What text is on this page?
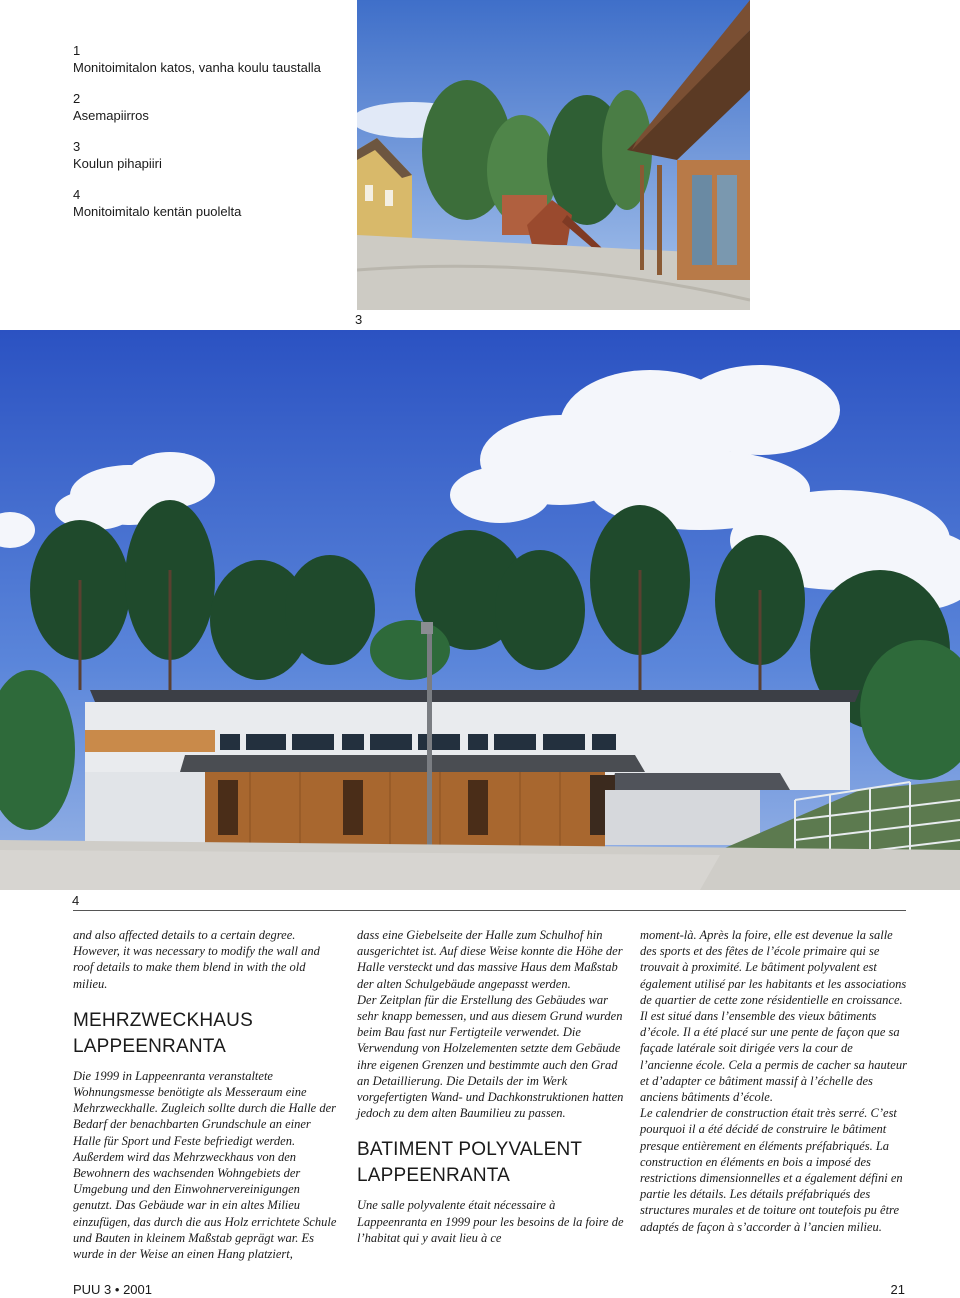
1
Monitoimitalon katos, vanha koulu taustalla
2
Asemapiirros
3
Koulun pihapiiri
4
Monitoimitalo kentän puolelta
3
4

and also affected details to a certain degree. However, it was necessary to modify the wall and roof details to make them blend in with the old milieu.

MEHRZWECKHAUS
LAPPEENRANTA

Die 1999 in Lappeenranta veranstaltete Wohnungsmesse benötigte als Messeraum eine Mehrzweckhalle. Zugleich sollte durch die Halle der Bedarf der benachbarten Grundschule an einer Halle für Sport und Feste befriedigt werden. Außerdem wird das Mehrzweckhaus von den Bewohnern des wachsenden Wohngebiets der Umgebung und den Einwohnervereinigungen genutzt. Das Gebäude war in ein altes Milieu einzufügen, das durch die aus Holz errichtete Schule und Bauten in kleinem Maßstab geprägt war. Es wurde in der Weise an einen Hang platziert,

dass eine Giebelseite der Halle zum Schulhof hin ausgerichtet ist. Auf diese Weise konnte die Höhe der Halle versteckt und das massive Haus dem Maßstab der alten Schulgebäude angepasst werden.

Der Zeitplan für die Erstellung des Gebäudes war sehr knapp bemessen, und aus diesem Grund wurden beim Bau fast nur Fertigteile verwendet. Die Verwendung von Holzelementen setzte dem Gebäude ihre eigenen Grenzen und bestimmte auch den Grad an Detaillierung. Die Details der im Werk vorgefertigten Wand- und Dachkonstruktionen hatten jedoch zu dem alten Baumilieu zu passen.

BATIMENT POLYVALENT
LAPPEENRANTA

Une salle polyvalente était nécessaire à Lappeenranta en 1999 pour les besoins de la foire de l’habitat qui y avait lieu à ce

moment-là. Après la foire, elle est devenue la salle des sports et des fêtes de l’école primaire qui se trouvait à proximité. Le bâtiment polyvalent est également utilisé par les habitants et les associations de quartier de cette zone résidentielle en croissance. Il est situé dans l’ensemble des vieux bâtiments d’école. Il a été placé sur une pente de façon que sa façade latérale soit dirigée vers la cour de l’ancienne école. Cela a permis de cacher sa hauteur et d’adapter ce bâtiment massif à l’échelle des anciens bâtiments d’école.

Le calendrier de construction était très serré. C’est pourquoi il a été décidé de construire le bâtiment presque entièrement en éléments préfabriqués. La construction en éléments en bois a imposé des restrictions dimensionnelles et a également défini en partie les détails. Les détails préfabriqués des structures murales et de toiture ont toutefois pu être adaptés de façon à s’accorder à l’ancien milieu.

PUU 3 • 2001	21
